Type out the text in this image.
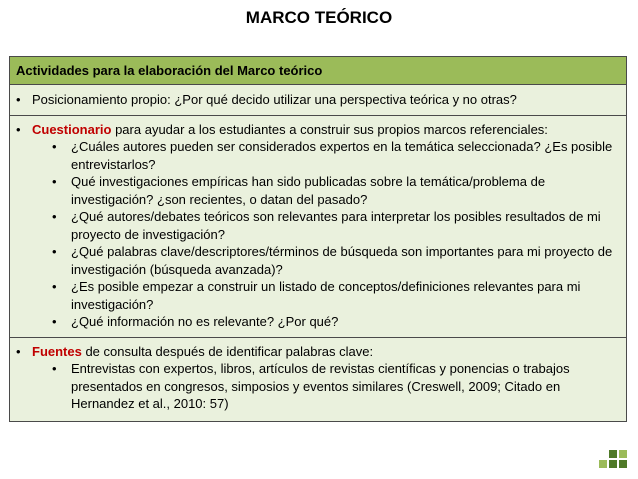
MARCO TEÓRICO
Actividades para la elaboración del Marco teórico
• Posicionamiento propio: ¿Por qué decido utilizar una perspectiva teórica y no otras?
• Cuestionario para ayudar a los estudiantes a construir sus propios marcos referenciales:
•	¿Cuáles autores pueden ser considerados expertos en la temática seleccionada? ¿Es posible entrevistarlos?
•	Qué investigaciones empíricas han sido publicadas sobre la temática/problema de investigación? ¿son recientes, o datan del pasado?
•	¿Qué autores/debates teóricos son relevantes para interpretar los posibles resultados de mi proyecto de investigación?
•	¿Qué palabras clave/descriptores/términos de búsqueda son importantes para mi proyecto de investigación (búsqueda avanzada)?
•	¿Es posible empezar a construir un listado de conceptos/definiciones relevantes para mi investigación?
•	¿Qué información no es relevante? ¿Por qué?
• Fuentes de consulta después de identificar palabras clave:
•	Entrevistas con expertos, libros, artículos de revistas científicas y ponencias o trabajos presentados en congresos, simposios y eventos similares (Creswell, 2009; Citado en Hernandez et al., 2010: 57)
